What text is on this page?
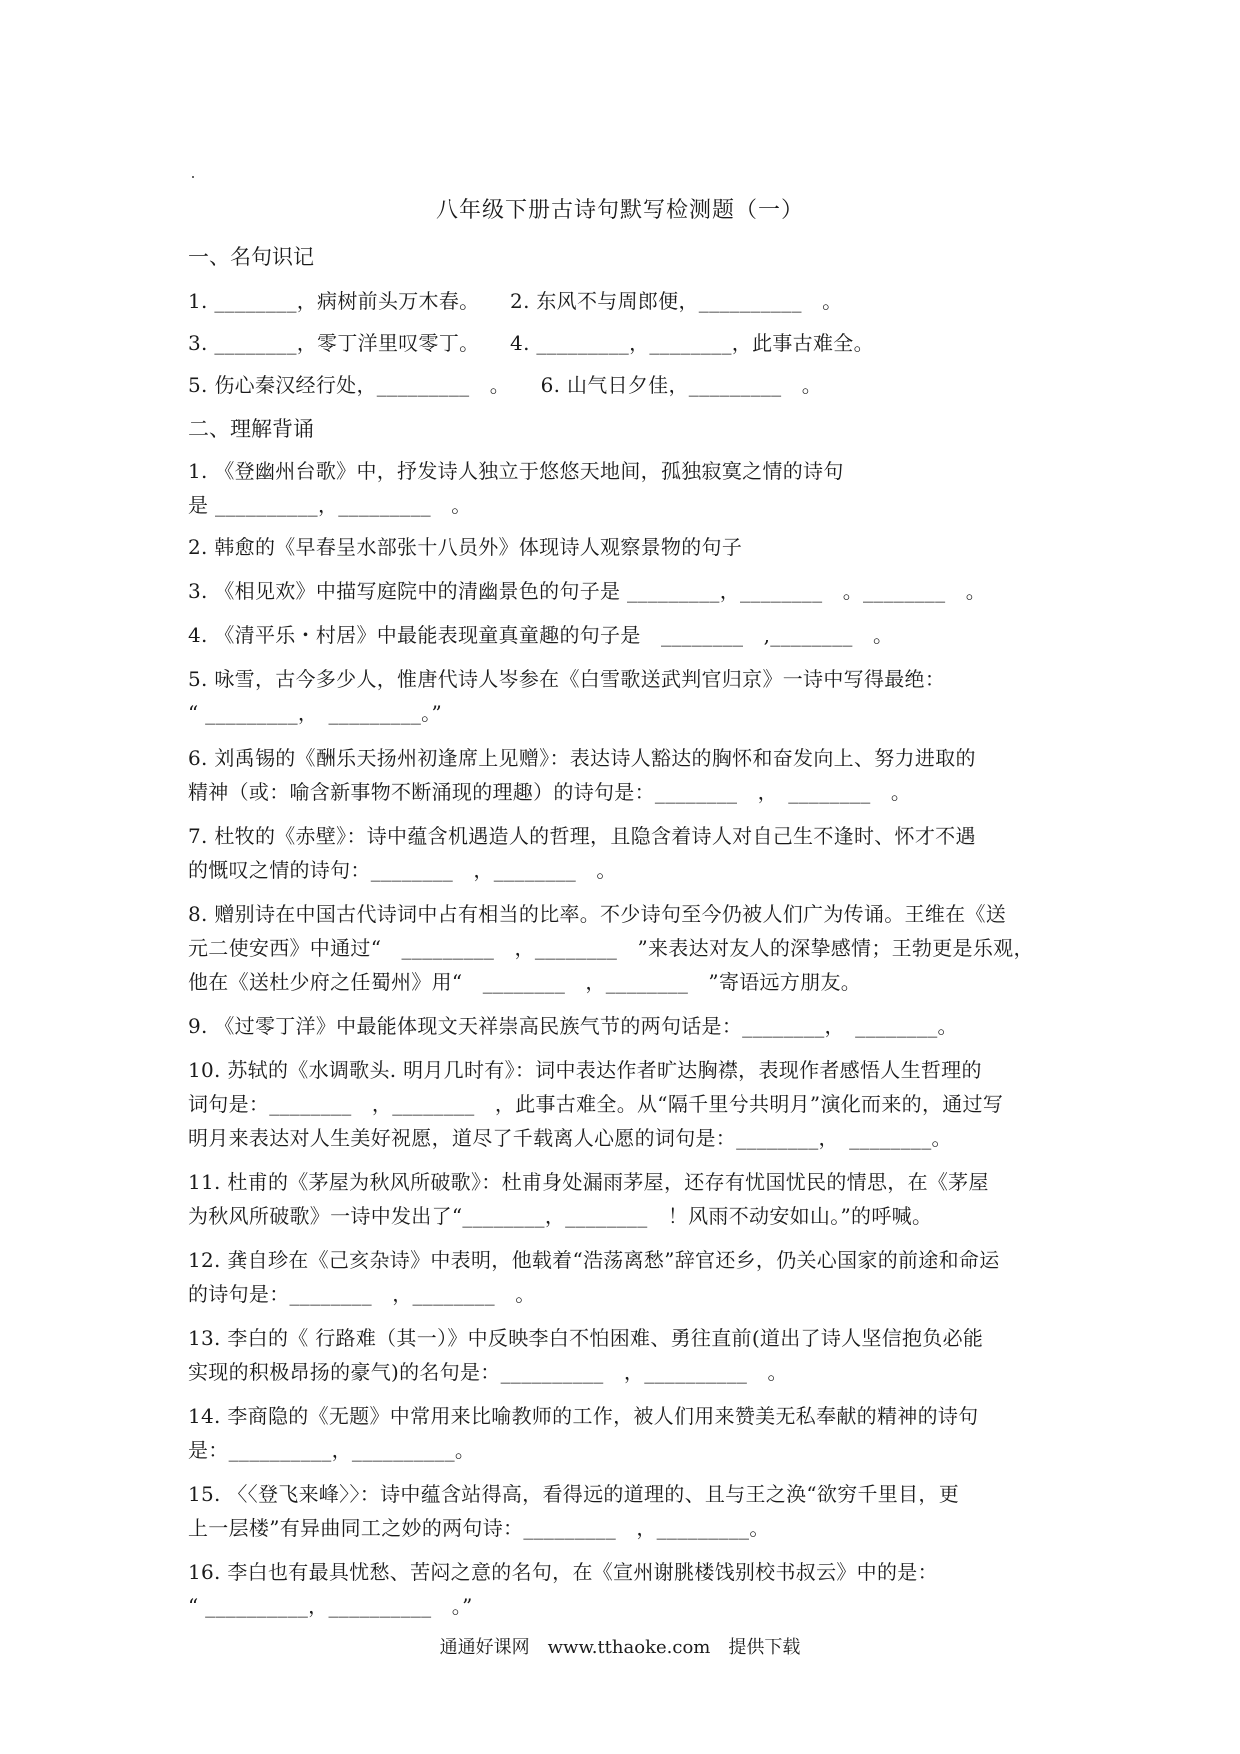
八年级下册古诗句默写检测题（一）
一、名句识记
1. ________，病树前头万木春。　　2. 东风不与周郎便，__________　。
3. ________，零丁洋里叹零丁。　　4. _________，________，此事古难全。
5. 伤心秦汉经行处，_________　。　　6. 山气日夕佳，_________　。
二、理解背诵
1. 《登幽州台歌》中，抒发诗人独立于悠悠天地间，孤独寂寞之情的诗句
是 __________，_________　。
2. 韩愈的《早春呈水部张十八员外》体现诗人观察景物的句子
3. 《相见欢》中描写庭院中的清幽景色的句子是 _________，________　。________　。
4. 《清平乐・村居》中最能表现童真童趣的句子是　________　,________　。
5. 咏雪，古今多少人，惟唐代诗人岑参在《白雪歌送武判官归京》一诗中写得最绝：
“ _________，　_________。”
6. 刘禹锡的《酬乐天扬州初逢席上见赠》：表达诗人豁达的胸怀和奋发向上、努力进取的
精神（或：喻含新事物不断涌现的理趣）的诗句是：________　，　________　。
7. 杜牧的《赤壁》：诗中蕴含机遇造人的哲理，且隐含着诗人对自己生不逢时、怀才不遇
的慨叹之情的诗句：________　，________　。
8. 赠别诗在中国古代诗词中占有相当的比率。不少诗句至今仍被人们广为传诵。王维在《送
元二使安西》中通过“　_________　，________　”来表达对友人的深挚感情；王勃更是乐观，
他在《送杜少府之任蜀州》用“　________　，________　”寄语远方朋友。
9. 《过零丁洋》中最能体现文天祥崇高民族气节的两句话是：________，　________。
10. 苏轼的《水调歌头. 明月几时有》：词中表达作者旷达胸襟，表现作者感悟人生哲理的
词句是：________　，________　，此事古难全。从“隔千里兮共明月”演化而来的，通过写
明月来表达对人生美好祝愿，道尽了千载离人心愿的词句是：________，　________。
11. 杜甫的《茅屋为秋风所破歌》：杜甫身处漏雨茅屋，还存有忧国忧民的情思，在《茅屋
为秋风所破歌》一诗中发出了“________，________　！风雨不动安如山。”的呼喊。
12. 龚自珍在《己亥杂诗》中表明，他载着“浩荡离愁”辞官还乡，仍关心国家的前途和命运
的诗句是：________　，________　。
13. 李白的《 行路难（其一）》中反映李白不怕困难、勇往直前(道出了诗人坚信抱负必能
实现的积极昂扬的豪气)的名句是：__________　，__________　。
14. 李商隐的《无题》中常用来比喻教师的工作，被人们用来赞美无私奉献的精神的诗句
是：__________，__________。
15. 〈〈登飞来峰〉〉：诗中蕴含站得高，看得远的道理的、且与王之涣“欲穷千里目，更
上一层楼”有异曲同工之妙的两句诗：_________　，_________。
16. 李白也有最具忧愁、苦闷之意的名句，在《宣州谢朓楼饯别校书叔云》中的是：
“ __________，__________　。”
通通好课网　www.tthaoke.com　提供下载
